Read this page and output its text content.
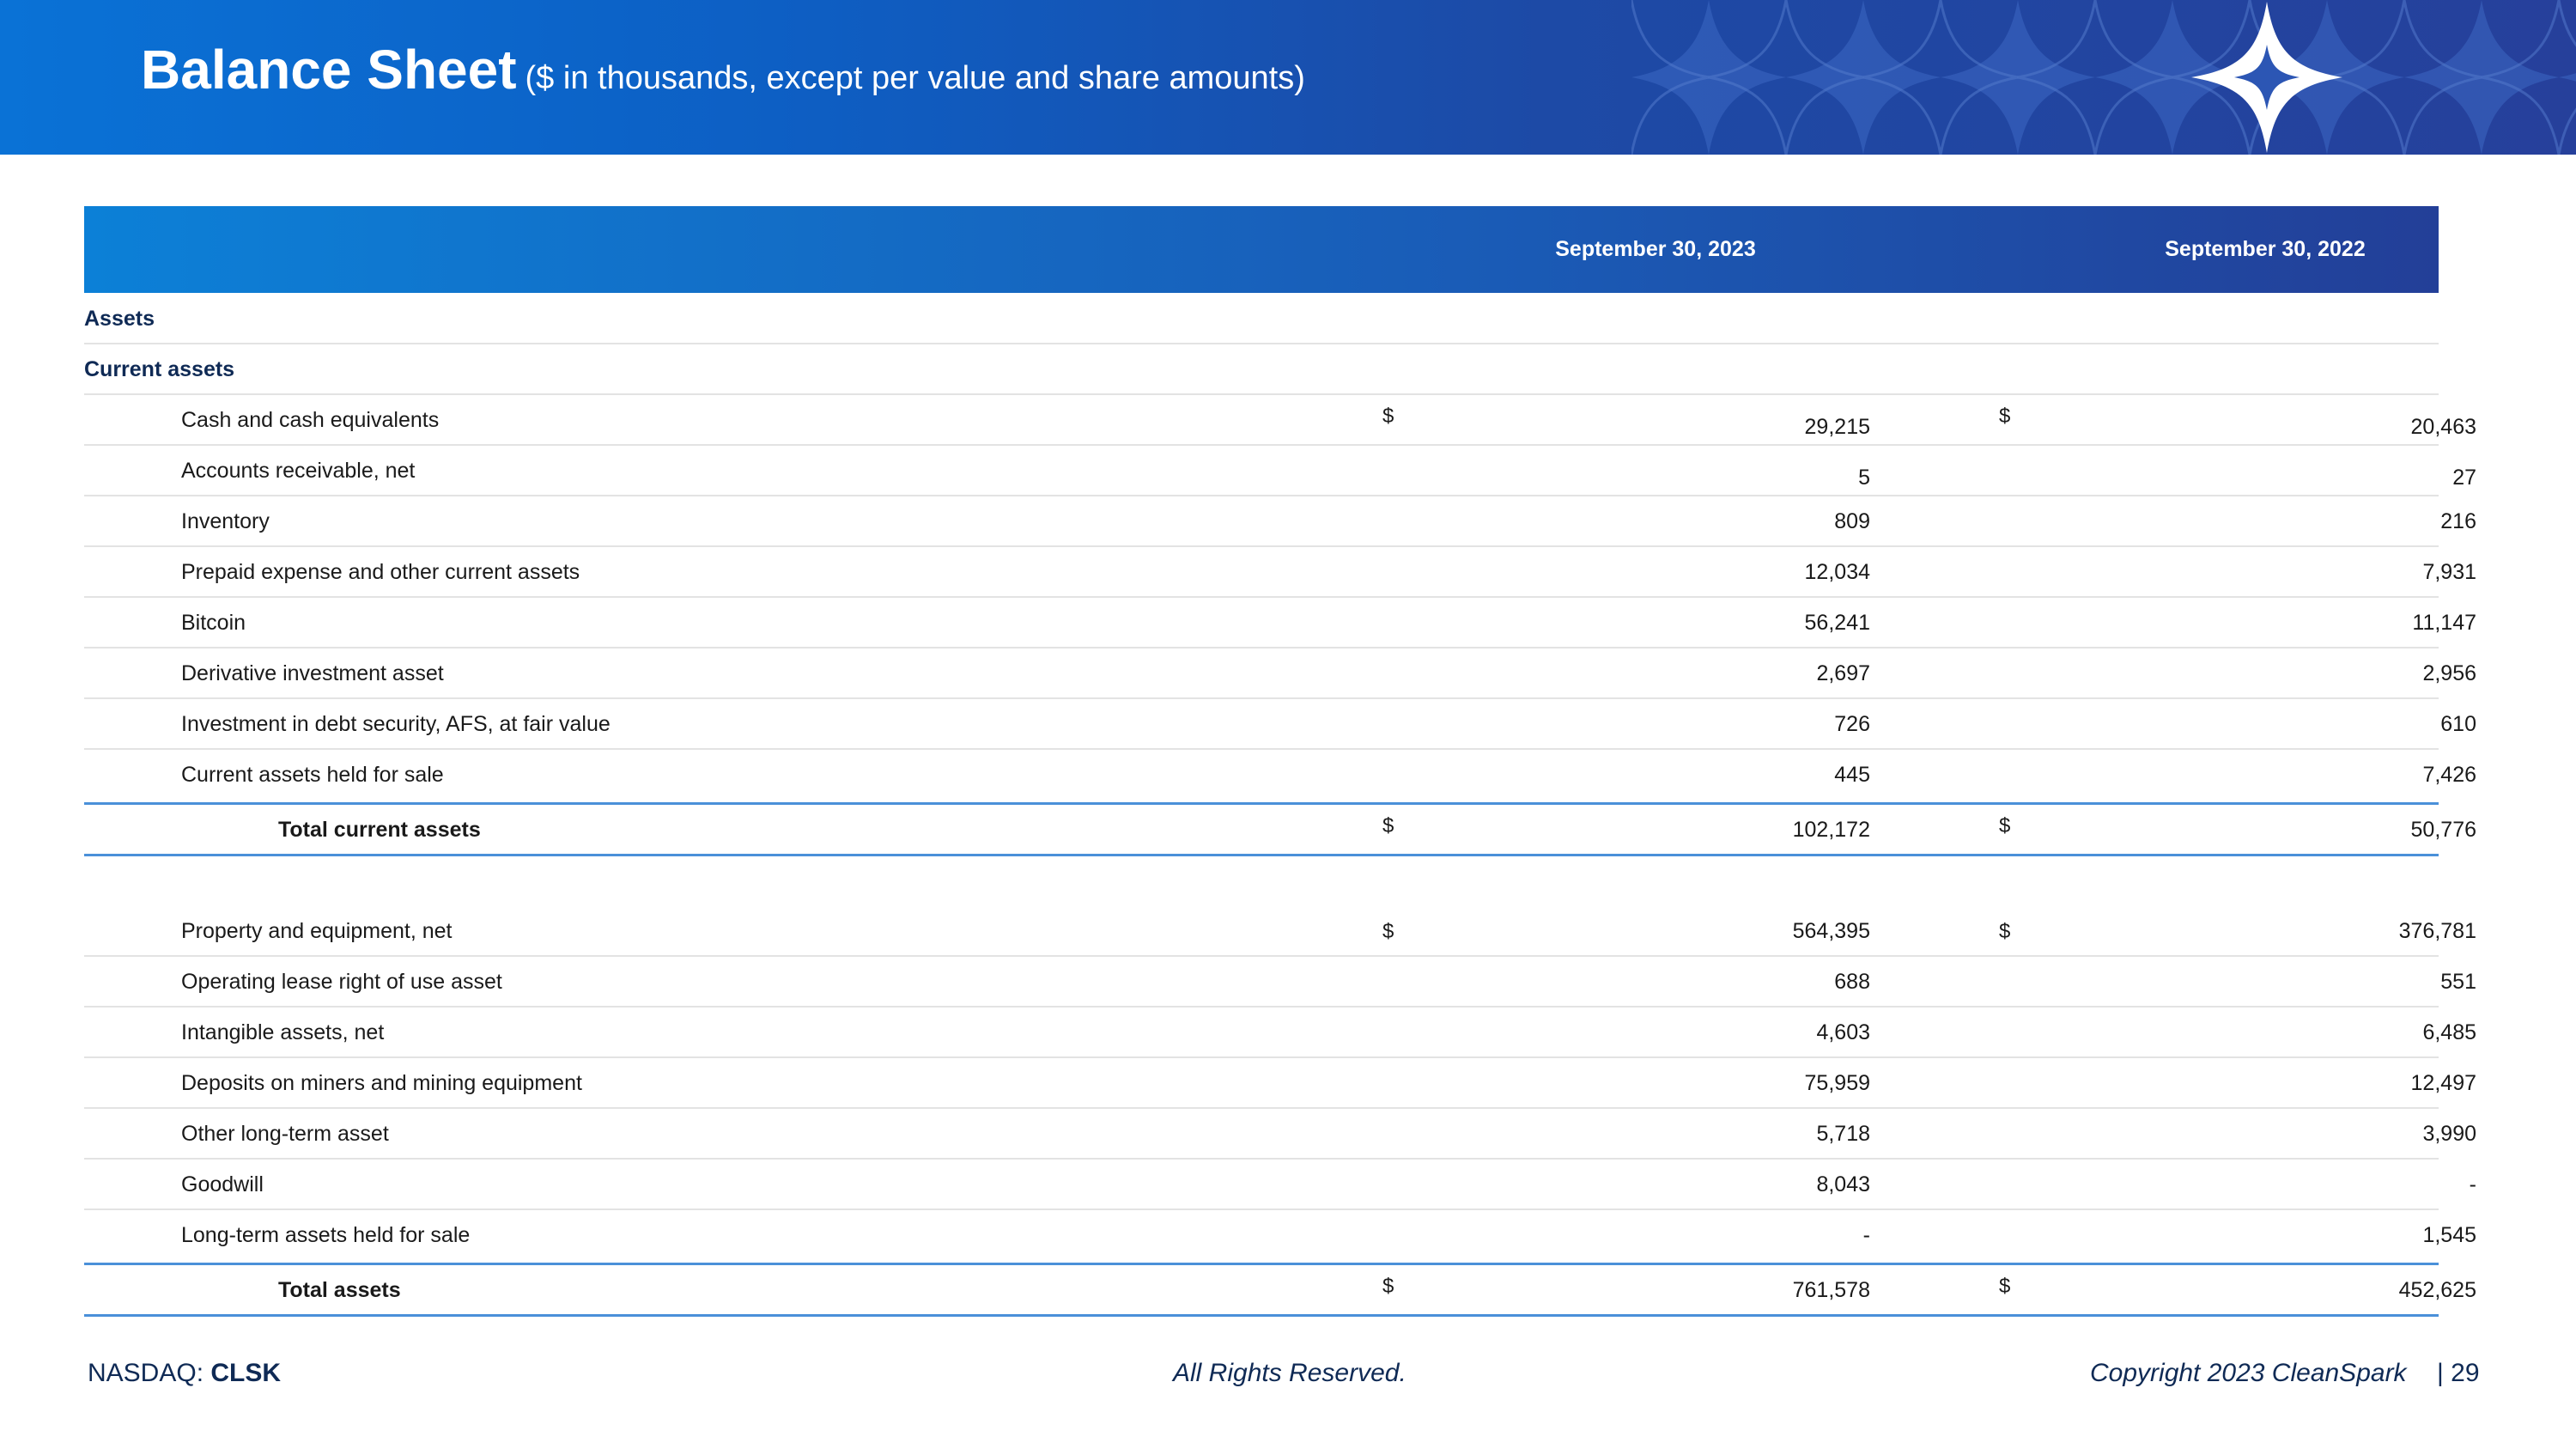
Balance Sheet ($ in thousands, except per value and share amounts)
September 30, 2023	September 30, 2022
Assets
Current assets
Cash and cash equivalents	$	29,215	$	20,463
Accounts receivable, net	5	27
Inventory	809	216
Prepaid expense and other current assets	12,034	7,931
Bitcoin	56,241	11,147
Derivative investment asset	2,697	2,956
Investment in debt security, AFS, at fair value	726	610
Current assets held for sale	445	7,426
Total current assets	$	102,172	$	50,776
Property and equipment, net	$	564,395	$	376,781
Operating lease right of use asset	688	551
Intangible assets, net	4,603	6,485
Deposits on miners and mining equipment	75,959	12,497
Other long-term asset	5,718	3,990
Goodwill	8,043	-
Long-term assets held for sale	-	1,545
Total assets	$	761,578	$	452,625
NASDAQ: CLSK	All Rights Reserved.	Copyright 2023 CleanSpark | 29
